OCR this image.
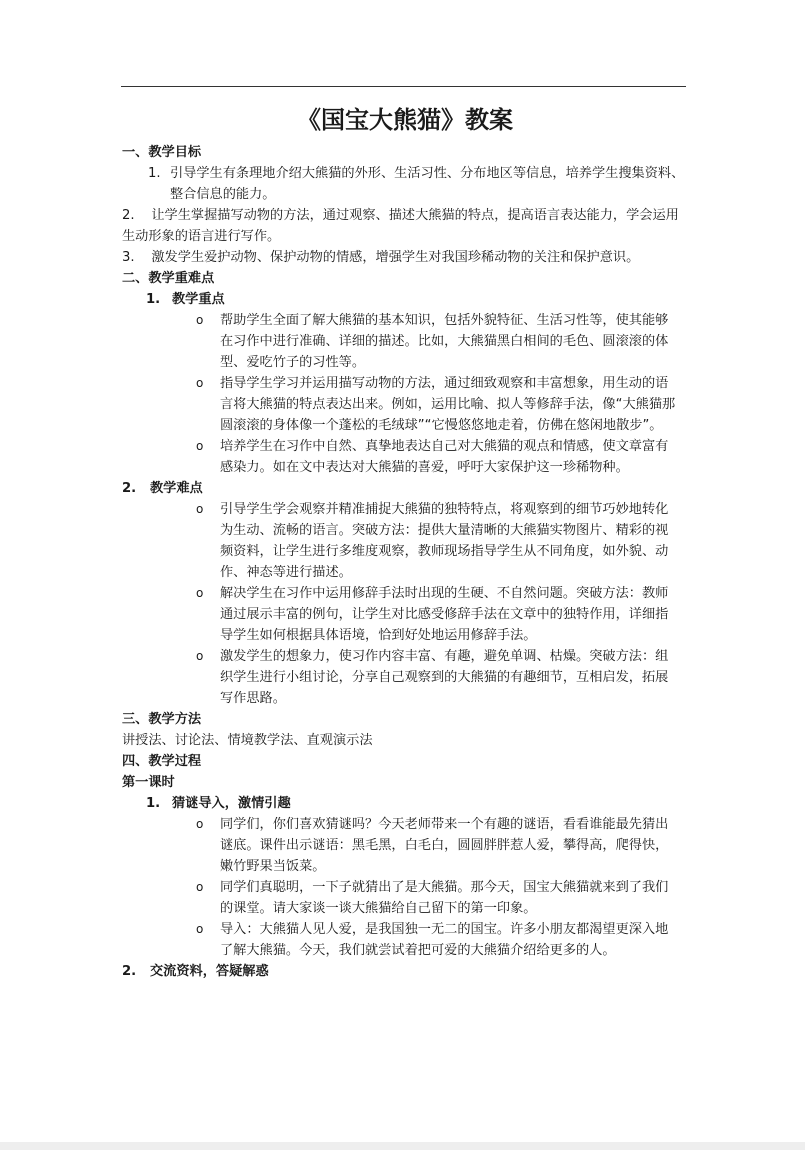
《国宝大熊猫》教案
一、教学目标
1. 引导学生有条理地介绍大熊猫的外形、生活习性、分布地区等信息，培养学生搜集资料、整合信息的能力。
2. 让学生掌握描写动物的方法，通过观察、描述大熊猫的特点，提高语言表达能力，学会运用生动形象的语言进行写作。
3. 激发学生爱护动物、保护动物的情感，增强学生对我国珍稀动物的关注和保护意识。
二、教学重难点
1. 教学重点
o 帮助学生全面了解大熊猫的基本知识，包括外貌特征、生活习性等，使其能够在习作中进行准确、详细的描述。比如，大熊猫黑白相间的毛色、圆滚滚的体型、爱吃竹子的习性等。
o 指导学生学习并运用描写动物的方法，通过细致观察和丰富想象，用生动的语言将大熊猫的特点表达出来。例如，运用比喻、拟人等修辞手法，像“大熊猫那圆滚滚的身体像一个蓬松的毛绒球”“它慢悠悠地走着，仿佛在悠闲地散步”。
o 培养学生在习作中自然、真挚地表达自己对大熊猫的观点和情感，使文章富有感染力。如在文中表达对大熊猫的喜爱，呼吁大家保护这一珍稀物种。
2. 教学难点
o 引导学生学会观察并精准捕捉大熊猫的独特特点，将观察到的细节巧妙地转化为生动、流畅的语言。突破方法：提供大量清晰的大熊猫实物图片、精彩的视频资料，让学生进行多维度观察，教师现场指导学生从不同角度，如外貌、动作、神态等进行描述。
o 解决学生在习作中运用修辞手法时出现的生硬、不自然问题。突破方法：教师通过展示丰富的例句，让学生对比感受修辞手法在文章中的独特作用，详细指导学生如何根据具体语境，恰到好处地运用修辞手法。
o 激发学生的想象力，使习作内容丰富、有趣，避免单调、枯燥。突破方法：组织学生进行小组讨论，分享自己观察到的大熊猫的有趣细节，互相启发，拓展写作思路。
三、教学方法
讲授法、讨论法、情境教学法、直观演示法
四、教学过程
第一课时
1. 猜谜导入，激情引趣
o 同学们，你们喜欢猜谜吗？今天老师带来一个有趣的谜语，看看谁能最先猜出谜底。课件出示谜语：黑毛黑，白毛白，圆圆胖胖惹人爱，攀得高，爬得快，嫩竹野果当饭菜。
o 同学们真聪明，一下子就猜出了是大熊猫。那今天，国宝大熊猫就来到了我们的课堂。请大家谈一谈大熊猫给自己留下的第一印象。
o 导入：大熊猫人见人爱，是我国独一无二的国宝。许多小朋友都渴望更深入地了解大熊猫。今天，我们就尝试着把可爱的大熊猫介绍给更多的人。
2. 交流资料，答疑解惑
